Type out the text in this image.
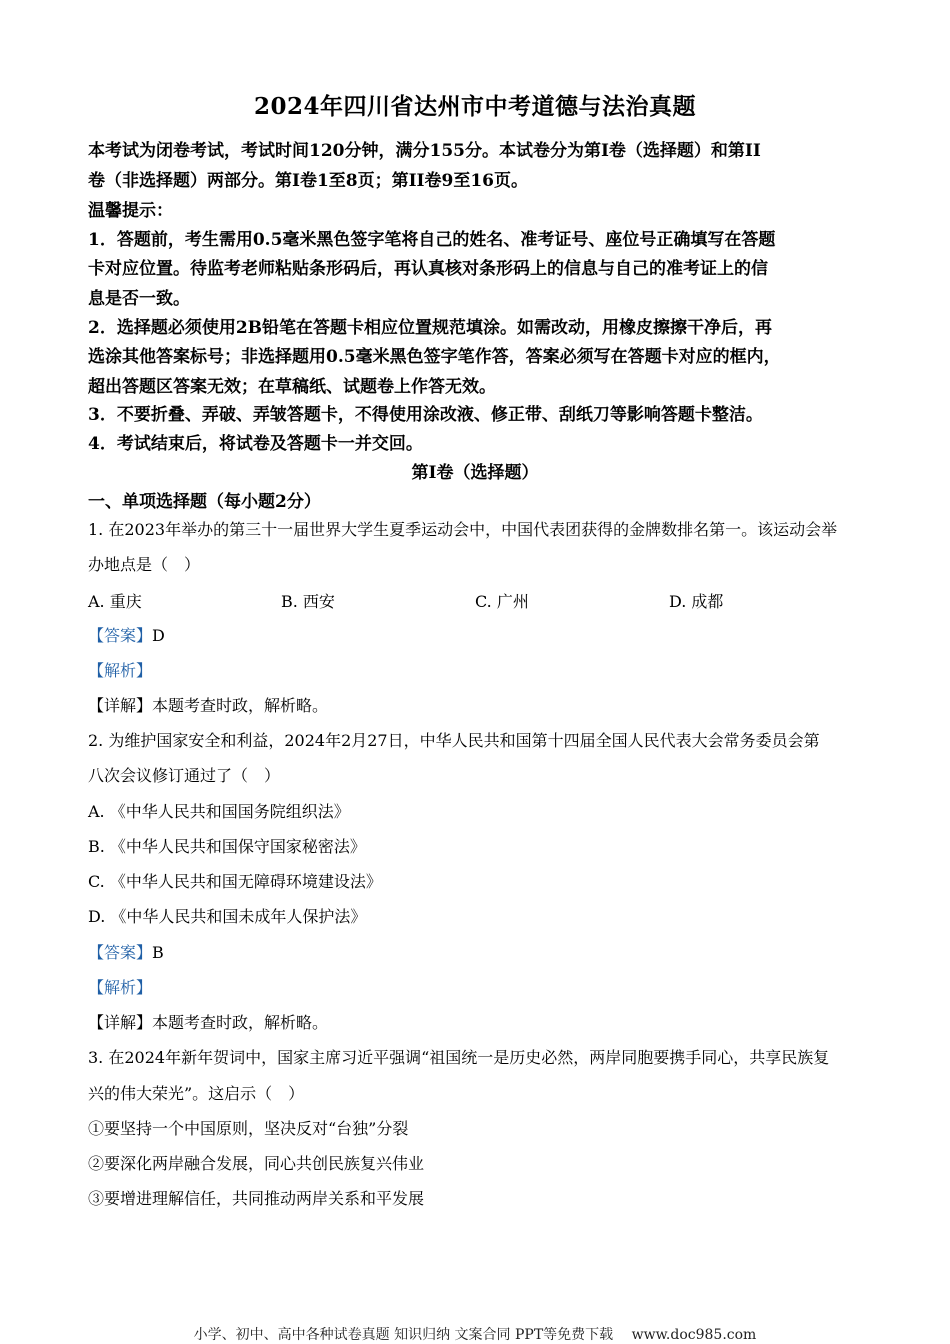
2024年四川省达州市中考道德与法治真题
本考试为闭卷考试，考试时间120分钟，满分155分。本试卷分为第I卷（选择题）和第II
卷（非选择题）两部分。第I卷1至8页；第II卷9至16页。
温馨提示：
1．答题前，考生需用0.5毫米黑色签字笔将自己的姓名、准考证号、座位号正确填写在答题
卡对应位置。待监考老师粘贴条形码后，再认真核对条形码上的信息与自己的准考证上的信
息是否一致。
2．选择题必须使用2B铅笔在答题卡相应位置规范填涂。如需改动，用橡皮擦擦干净后，再
选涂其他答案标号；非选择题用0.5毫米黑色签字笔作答，答案必须写在答题卡对应的框内，
超出答题区答案无效；在草稿纸、试题卷上作答无效。
3．不要折叠、弄破、弄皱答题卡，不得使用涂改液、修正带、刮纸刀等影响答题卡整洁。
4．考试结束后，将试卷及答题卡一并交回。
第Ⅰ卷（选择题）
一、单项选择题（每小题2分）
1. 在2023年举办的第三十一届世界大学生夏季运动会中，中国代表团获得的金牌数排名第一。该运动会举
办地点是（　）
A. 重庆	B. 西安	C. 广州	D. 成都
【答案】D
【解析】
【详解】本题考查时政，解析略。
2. 为维护国家安全和利益，2024年2月27日，中华人民共和国第十四届全国人民代表大会常务委员会第
八次会议修订通过了（　）
A. 《中华人民共和国国务院组织法》
B. 《中华人民共和国保守国家秘密法》
C. 《中华人民共和国无障碍环境建设法》
D. 《中华人民共和国未成年人保护法》
【答案】B
【解析】
【详解】本题考查时政，解析略。
3. 在2024年新年贺词中，国家主席习近平强调“祖国统一是历史必然，两岸同胞要携手同心，共享民族复
兴的伟大荣光”。这启示（　）
①要坚持一个中国原则，坚决反对“台独”分裂
②要深化两岸融合发展，同心共创民族复兴伟业
③要增进理解信任，共同推动两岸关系和平发展
小学、初中、高中各种试卷真题 知识归纳 文案合同 PPT等免费下载　 www.doc985.com
